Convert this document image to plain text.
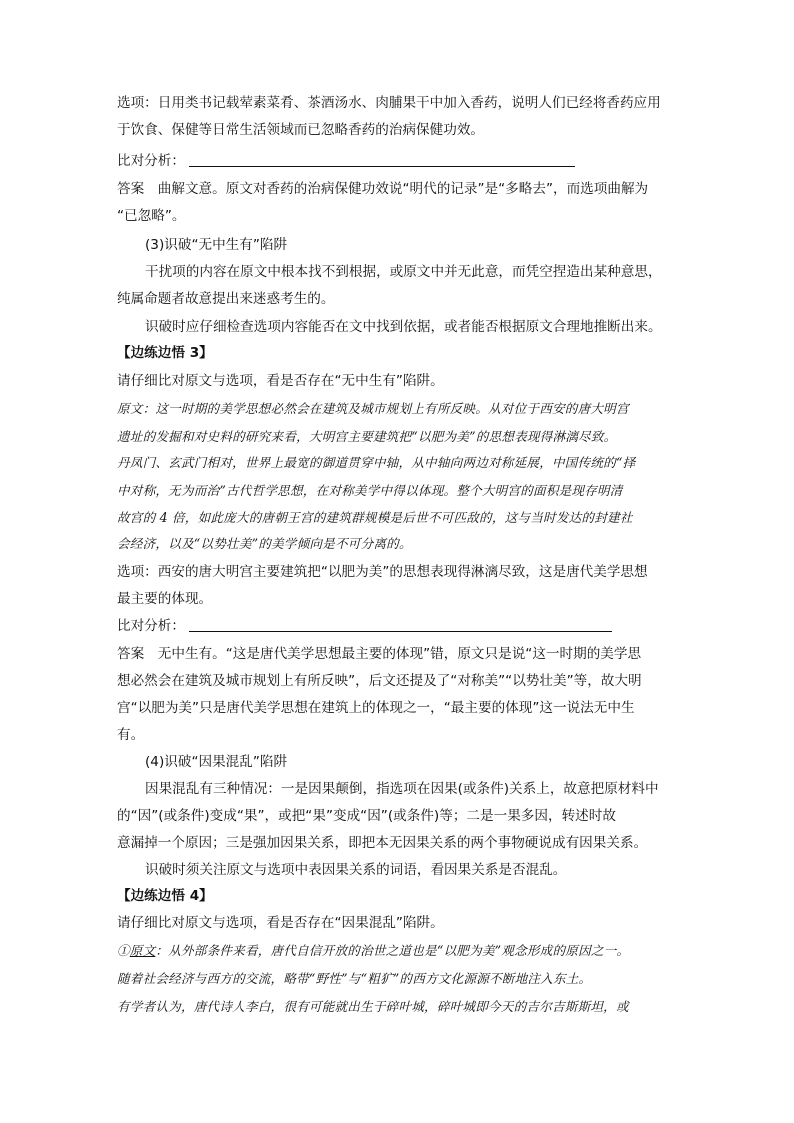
选项：日用类书记载荤素菜肴、茶酒汤水、肉脯果干中加入香药，说明人们已经将香药应用
于饮食、保健等日常生活领域而已忽略香药的治病保健功效。
比对分析：
答案　曲解文意。原文对香药的治病保健功效说“明代的记录”是“多略去”，而选项曲解为
“已忽略”。
(3)识破“无中生有”陷阱
干扰项的内容在原文中根本找不到根据，或原文中并无此意，而凭空捏造出某种意思，
纯属命题者故意提出来迷惑考生的。
识破时应仔细检查选项内容能否在文中找到依据，或者能否根据原文合理地推断出来。
【边练边悟 3】
请仔细比对原文与选项，看是否存在“无中生有”陷阱。
原文：这一时期的美学思想必然会在建筑及城市规划上有所反映。从对位于西安的唐大明宫
遗址的发掘和对史料的研究来看，大明宫主要建筑把“以肥为美”的思想表现得淋漓尽致。
丹凤门、玄武门相对，世界上最宽的御道贯穿中轴，从中轴向两边对称延展，中国传统的“择
中对称，无为而治”古代哲学思想，在对称美学中得以体现。整个大明宫的面积是现存明清
故宫的 4 倍，如此庞大的唐朝王宫的建筑群规模是后世不可匹敌的，这与当时发达的封建社
会经济，以及“以势壮美”的美学倾向是不可分离的。
选项：西安的唐大明宫主要建筑把“以肥为美”的思想表现得淋漓尽致，这是唐代美学思想
最主要的体现。
比对分析：
答案　无中生有。“这是唐代美学思想最主要的体现”错，原文只是说“这一时期的美学思
想必然会在建筑及城市规划上有所反映”，后文还提及了“对称美”“以势壮美”等，故大明
宫“以肥为美”只是唐代美学思想在建筑上的体现之一，“最主要的体现”这一说法无中生
有。
(4)识破“因果混乱”陷阱
因果混乱有三种情况：一是因果颠倒，指选项在因果(或条件)关系上，故意把原材料中
的“因”(或条件)变成“果”，或把“果”变成“因”(或条件)等；二是一果多因，转述时故
意漏掉一个原因；三是强加因果关系，即把本无因果关系的两个事物硬说成有因果关系。
识破时须关注原文与选项中表因果关系的词语，看因果关系是否混乱。
【边练边悟 4】
请仔细比对原文与选项，看是否存在“因果混乱”陷阱。
①原文：从外部条件来看，唐代自信开放的治世之道也是“以肥为美”观念形成的原因之一。
随着社会经济与西方的交流，略带“野性”与“粗犷”的西方文化源源不断地注入东土。
有学者认为，唐代诗人李白，很有可能就出生于碎叶城，碎叶城即今天的吉尔吉斯斯坦，或
